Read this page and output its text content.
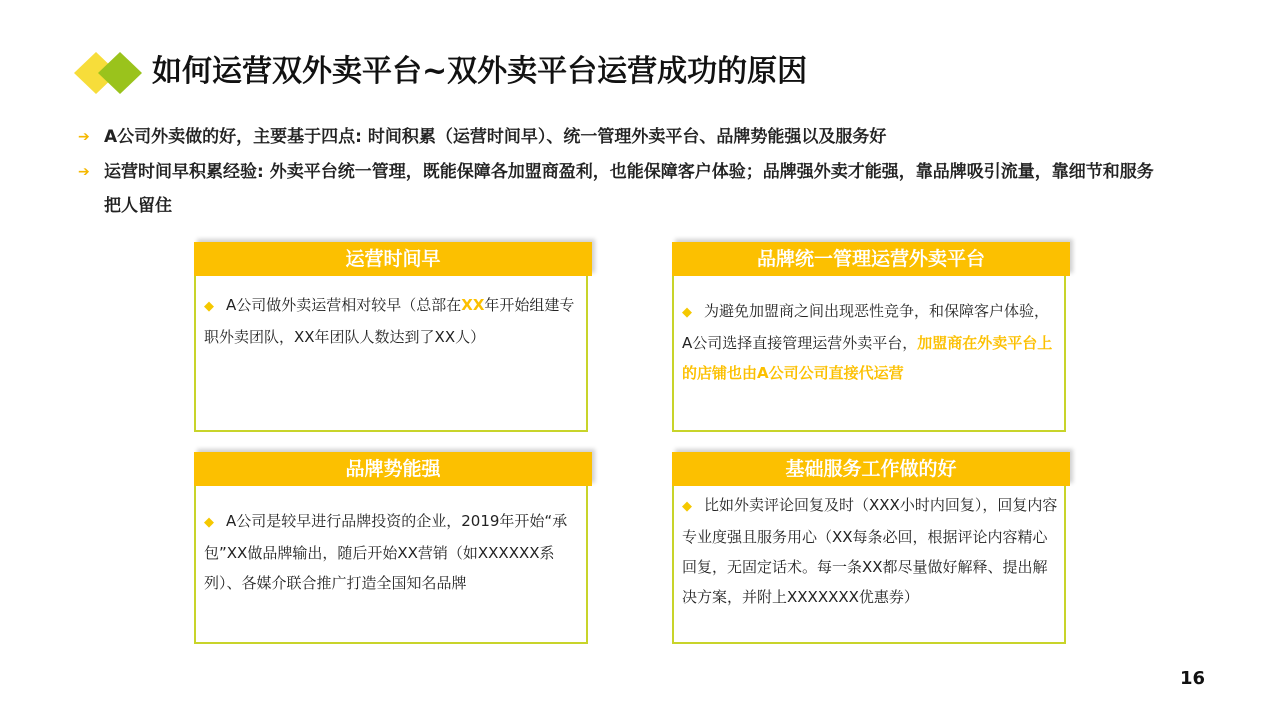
如何运营双外卖平台~双外卖平台运营成功的原因
➔ A公司外卖做的好，主要基于四点: 时间积累（运营时间早）、统一管理外卖平台、品牌势能强以及服务好
➔ 运营时间早积累经验: 外卖平台统一管理，既能保障各加盟商盈利，也能保障客户体验；品牌强外卖才能强，靠品牌吸引流量，靠细节和服务把人留住
运营时间早
◆ A公司做外卖运营相对较早（总部在XX年开始组建专职外卖团队，XX年团队人数达到了XX人）
品牌统一管理运营外卖平台
◆ 为避免加盟商之间出现恶性竞争，和保障客户体验，A公司选择直接管理运营外卖平台，加盟商在外卖平台上的店铺也由A公司公司直接代运营
品牌势能强
◆ A公司是较早进行品牌投资的企业，2019年开始“承包”XX做品牌输出，随后开始XX营销（如XXXXXX系列）、各媒介联合推广打造全国知名品牌
基础服务工作做的好
◆ 比如外卖评论回复及时（XXX小时内回复），回复内容专业度强且服务用心（XX每条必回，根据评论内容精心回复，无固定话术。每一条XX都尽量做好解释、提出解决方案，并附上XXXXXXX优惠券）
16
